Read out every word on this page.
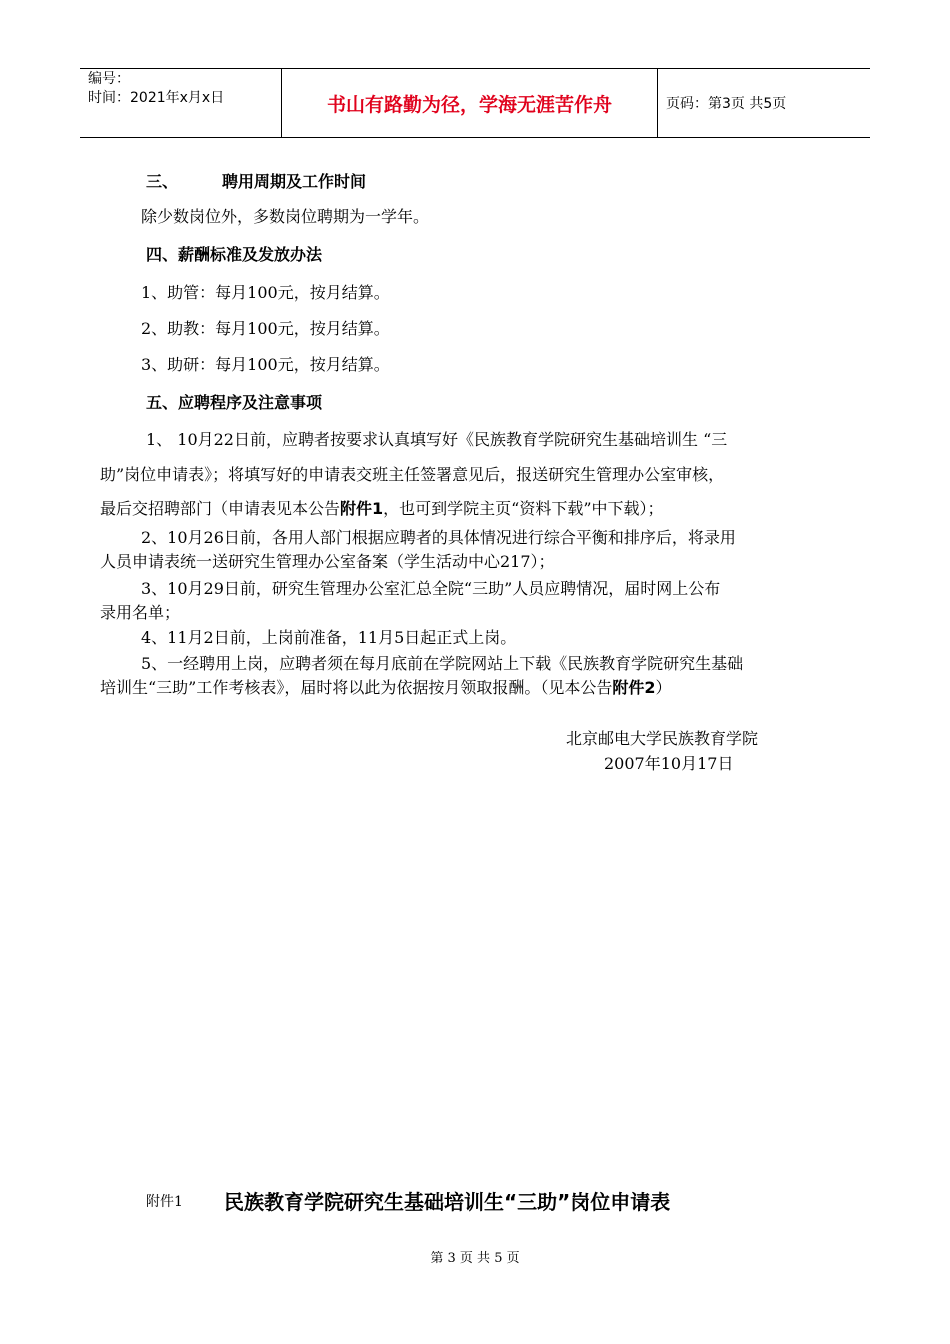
编号：
时间：2021年x月x日	书山有路勤为径，学海无涯苦作舟	页码：第3页 共5页
三、	聘用周期及工作时间
除少数岗位外，多数岗位聘期为一学年。
四、薪酬标准及发放办法
1、助管：每月100元，按月结算。
2、助教：每月100元，按月结算。
3、助研：每月100元，按月结算。
五、应聘程序及注意事项
1、 10月22日前，应聘者按要求认真填写好《民族教育学院研究生基础培训生 “三
助”岗位申请表》；将填写好的申请表交班主任签署意见后，报送研究生管理办公室审核，
最后交招聘部门（申请表见本公告附件1，也可到学院主页“资料下载”中下载）；
2、10月26日前，各用人部门根据应聘者的具体情况进行综合平衡和排序后，将录用
人员申请表统一送研究生管理办公室备案（学生活动中心217）；
3、10月29日前，研究生管理办公室汇总全院“三助”人员应聘情况，届时网上公布
录用名单；
4、11月2日前，上岗前准备，11月5日起正式上岗。
5、一经聘用上岗，应聘者须在每月底前在学院网站上下载《民族教育学院研究生基础
培训生“三助”工作考核表》，届时将以此为依据按月领取报酬。（见本公告附件2）
北京邮电大学民族教育学院
2007年10月17日
附件1 民族教育学院研究生基础培训生“三助”岗位申请表
第 3 页 共 5 页
